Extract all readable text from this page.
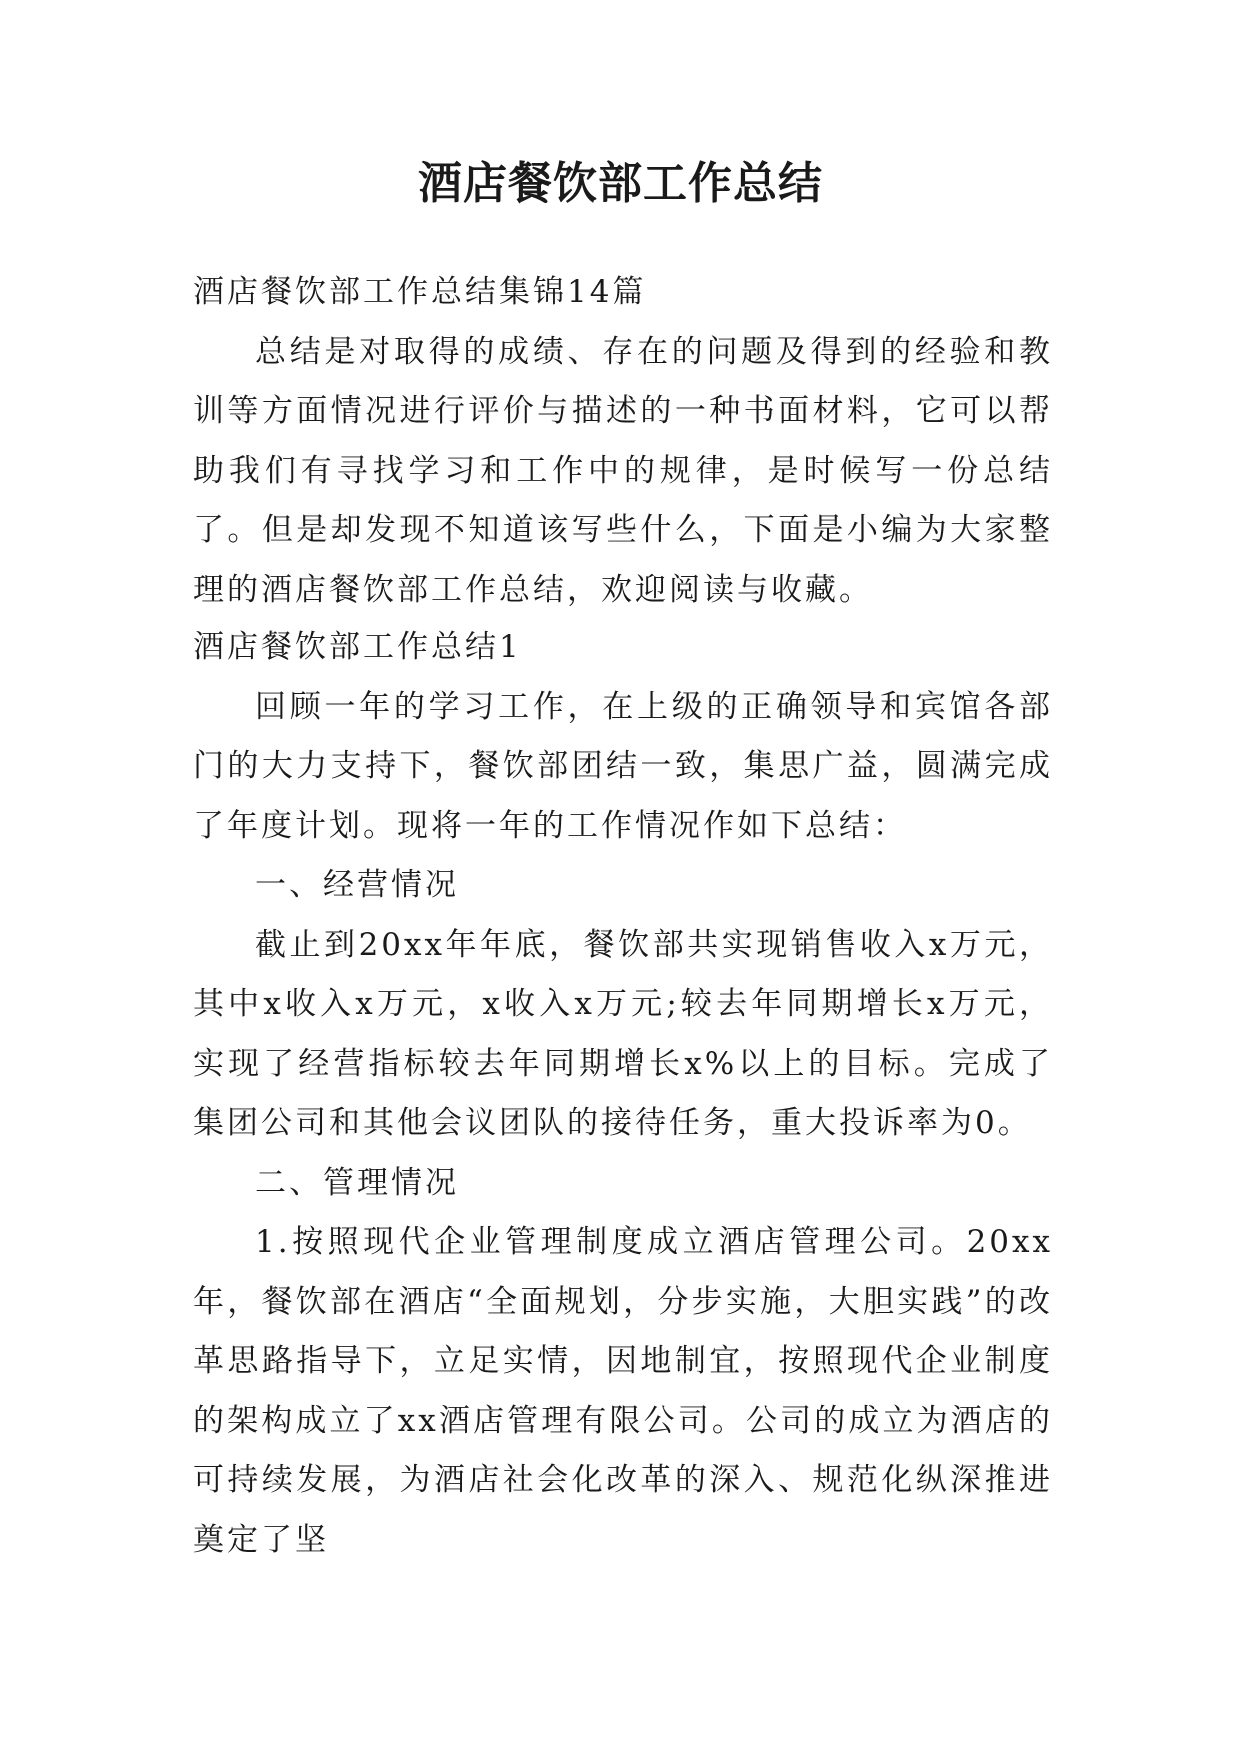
酒店餐饮部工作总结

酒店餐饮部工作总结集锦14篇

总结是对取得的成绩、存在的问题及得到的经验和教训等方面情况进行评价与描述的一种书面材料，它可以帮助我们有寻找学习和工作中的规律，是时候写一份总结了。但是却发现不知道该写些什么，下面是小编为大家整理的酒店餐饮部工作总结，欢迎阅读与收藏。

酒店餐饮部工作总结1

回顾一年的学习工作，在上级的正确领导和宾馆各部门的大力支持下，餐饮部团结一致，集思广益，圆满完成了年度计划。现将一年的工作情况作如下总结：

一、经营情况

截止到20xx年年底，餐饮部共实现销售收入x万元，其中x收入x万元，x收入x万元;较去年同期增长x万元，实现了经营指标较去年同期增长x%以上的目标。完成了集团公司和其他会议团队的接待任务，重大投诉率为0。

二、管理情况

1.按照现代企业管理制度成立酒店管理公司。20xx年，餐饮部在酒店“全面规划，分步实施，大胆实践”的改革思路指导下，立足实情，因地制宜，按照现代企业制度的架构成立了xx酒店管理有限公司。公司的成立为酒店的可持续发展，为酒店社会化改革的深入、规范化纵深推进奠定了坚
